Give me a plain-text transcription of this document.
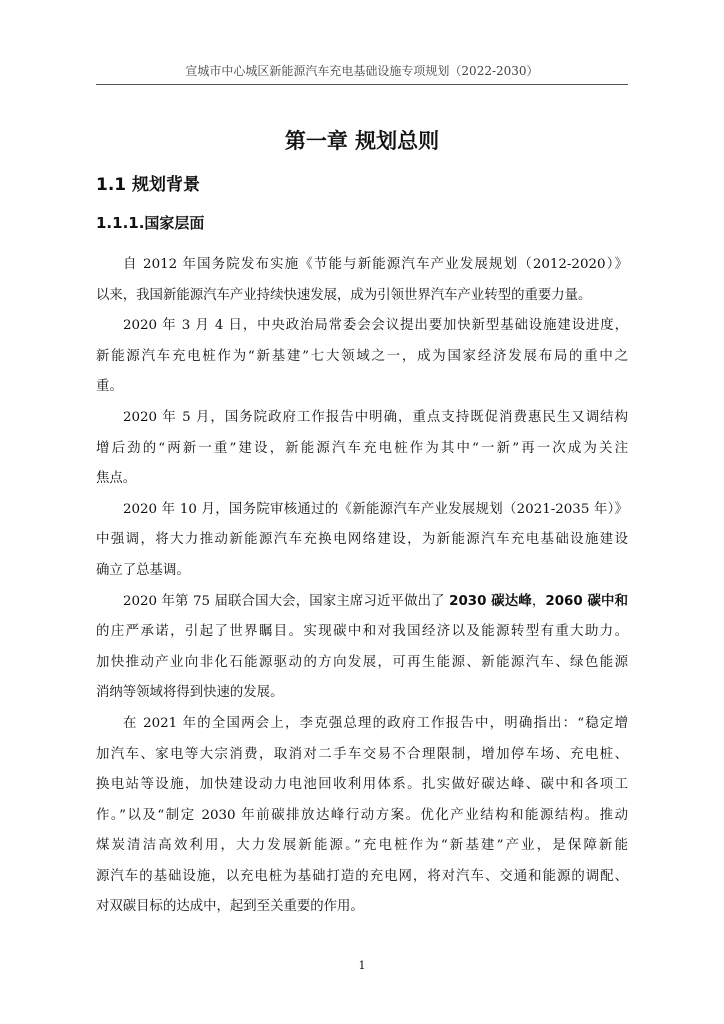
宣城市中心城区新能源汽车充电基础设施专项规划（2022-2030）
第一章 规划总则
1.1 规划背景
1.1.1.国家层面

自 2012 年国务院发布实施《节能与新能源汽车产业发展规划（2012-2020）》
以来，我国新能源汽车产业持续快速发展，成为引领世界汽车产业转型的重要力量。

2020 年 3 月 4 日，中央政治局常委会会议提出要加快新型基础设施建设进度，
新能源汽车充电桩作为“新基建”七大领域之一，成为国家经济发展布局的重中之
重。

2020 年 5 月，国务院政府工作报告中明确，重点支持既促消费惠民生又调结构
增后劲的“两新一重”建设，新能源汽车充电桩作为其中“一新”再一次成为关注
焦点。

2020 年 10 月，国务院审核通过的《新能源汽车产业发展规划（2021-2035 年）》
中强调，将大力推动新能源汽车充换电网络建设，为新能源汽车充电基础设施建设
确立了总基调。

2020 年第 75 届联合国大会，国家主席习近平做出了 2030 碳达峰，2060 碳中和
的庄严承诺，引起了世界瞩目。实现碳中和对我国经济以及能源转型有重大助力。
加快推动产业向非化石能源驱动的方向发展，可再生能源、新能源汽车、绿色能源
消纳等领域将得到快速的发展。

在 2021 年的全国两会上，李克强总理的政府工作报告中，明确指出：“稳定增
加汽车、家电等大宗消费，取消对二手车交易不合理限制，增加停车场、充电桩、
换电站等设施，加快建设动力电池回收利用体系。扎实做好碳达峰、碳中和各项工
作。”以及“制定 2030 年前碳排放达峰行动方案。优化产业结构和能源结构。推动
煤炭清洁高效利用，大力发展新能源。”充电桩作为“新基建”产业，是保障新能
源汽车的基础设施，以充电桩为基础打造的充电网，将对汽车、交通和能源的调配、
对双碳目标的达成中，起到至关重要的作用。

1
